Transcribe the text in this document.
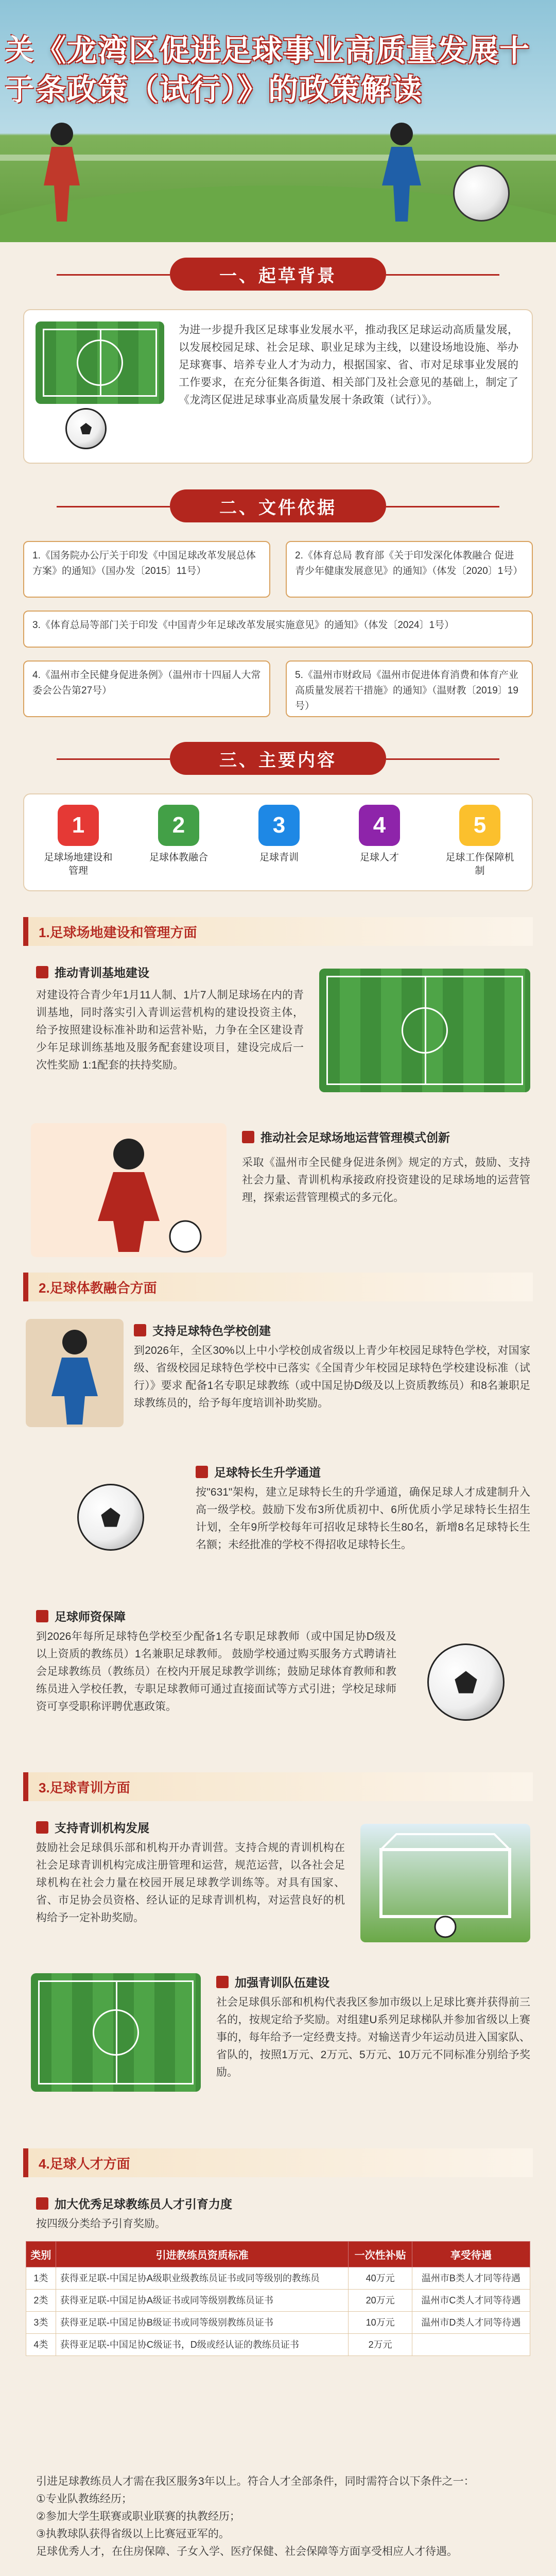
关于
《龙湾区促进足球事业高质量发展十条政策（试行）》的政策解读
一、起草背景
为进一步提升我区足球事业发展水平，推动我区足球运动高质量发展，以发展校园足球、社会足球、职业足球为主线，以建设场地设施、举办足球赛事、培养专业人才为动力，根据国家、省、市对足球事业发展的工作要求，在充分征集各街道、相关部门及社会意见的基础上，制定了《龙湾区促进足球事业高质量发展十条政策（试行）》。
二、文件依据
1.《国务院办公厅关于印发《中国足球改革发展总体方案》的通知》（国办发〔2015〕11号）
2.《体育总局 教育部《关于印发深化体教融合 促进青少年健康发展意见》的通知》（体发〔2020〕1号）
3.《体育总局等部门关于印发《中国青少年足球改革发展实施意见》的通知》（体发〔2024〕1号）
4.《温州市全民健身促进条例》（温州市十四届人大常委会公告第27号）
5.《温州市财政局《温州市促进体育消费和体育产业高质量发展若干措施》的通知》（温财教〔2019〕19号）
三、主要内容
1
足球场地建设和管理
2
足球体教融合
3
足球青训
4
足球人才
5
足球工作保障机制
1.足球场地建设和管理方面
推动青训基地建设
对建设符合青少年1月11人制、1片7人制足球场在内的青训基地，同时落实引入青训运营机构的建设投资主体，给予按照建设标准补助和运营补贴，力争在全区建设青少年足球训练基地及服务配套建设项目，建设完成后一次性奖励 1:1配套的扶持奖励。
推动社会足球场地运营管理模式创新
采取《温州市全民健身促进条例》规定的方式，鼓励、支持社会力量、青训机构承接政府投资建设的足球场地的运营管理，探索运营管理模式的多元化。
2.足球体教融合方面
支持足球特色学校创建
到2026年，全区30%以上中小学校创成省级以上青少年校园足球特色学校，对国家级、省级校园足球特色学校中已落实《全国青少年校园足球特色学校建设标准（试行）》要求 配备1名专职足球教练（或中国足协D级及以上资质教练员）和8名兼职足球教练员的，给予每年度培训补助奖励。
足球特长生升学通道
按"631"架构，建立足球特长生的升学通道，确保足球人才成建制升入高一级学校。鼓励下发布3所优质初中、6所优质小学足球特长生招生计划，全年9所学校每年可招收足球特长生80名，新增8名足球特长生名额；未经批准的学校不得招收足球特长生。
足球师资保障
到2026年每所足球特色学校至少配备1名专职足球教师（或中国足协D级及以上资质的教练员）1名兼职足球教师。 鼓励学校通过购买服务方式聘请社会足球教练员（教练员）在校内开展足球教学训练；鼓励足球体育教师和教练员进入学校任教，专职足球教师可通过直接面试等方式引进；学校足球师资可享受职称评聘优惠政策。
3.足球青训方面
支持青训机构发展
鼓励社会足球俱乐部和机构开办青训营。支持合规的青训机构在社会足球青训机构完成注册管理和运营，规范运营，以各社会足球机构在社会力量在校园开展足球教学训练等。对具有国家、省、市足协会员资格、经认证的足球青训机构，对运营良好的机构给予一定补助奖励。
加强青训队伍建设
社会足球俱乐部和机构代表我区参加市级以上足球比赛并获得前三名的，按规定给予奖励。对组建U系列足球梯队并参加省级以上赛事的，每年给予一定经费支持。对输送青少年运动员进入国家队、省队的，按照1万元、2万元、5万元、10万元不同标准分别给予奖励。
4.足球人才方面
加大优秀足球教练员人才引育力度
按四级分类给予引育奖励。
类别	引进教练员资质标准	一次性补贴	享受待遇
1类	获得亚足联-中国足协A级职业级教练员证书或同等级别的教练员	40万元	温州市B类人才同等待遇
2类	获得亚足联-中国足协A级证书或同等级别教练员证书	20万元	温州市C类人才同等待遇
3类	获得亚足联-中国足协B级证书或同等级别教练员证书	10万元	温州市D类人才同等待遇
4类	获得亚足联-中国足协C级证书，D级或经认证的教练员证书	2万元	
引进足球教练员人才需在我区服务3年以上。符合人才全部条件，同时需符合以下条件之一：
①专业队教练经历；
②参加大学生联赛或职业联赛的执教经历；
③执教球队获得省级以上比赛冠亚军的。
足球优秀人才，在住房保障、子女入学、医疗保健、社会保障等方面享受相应人才待遇。
